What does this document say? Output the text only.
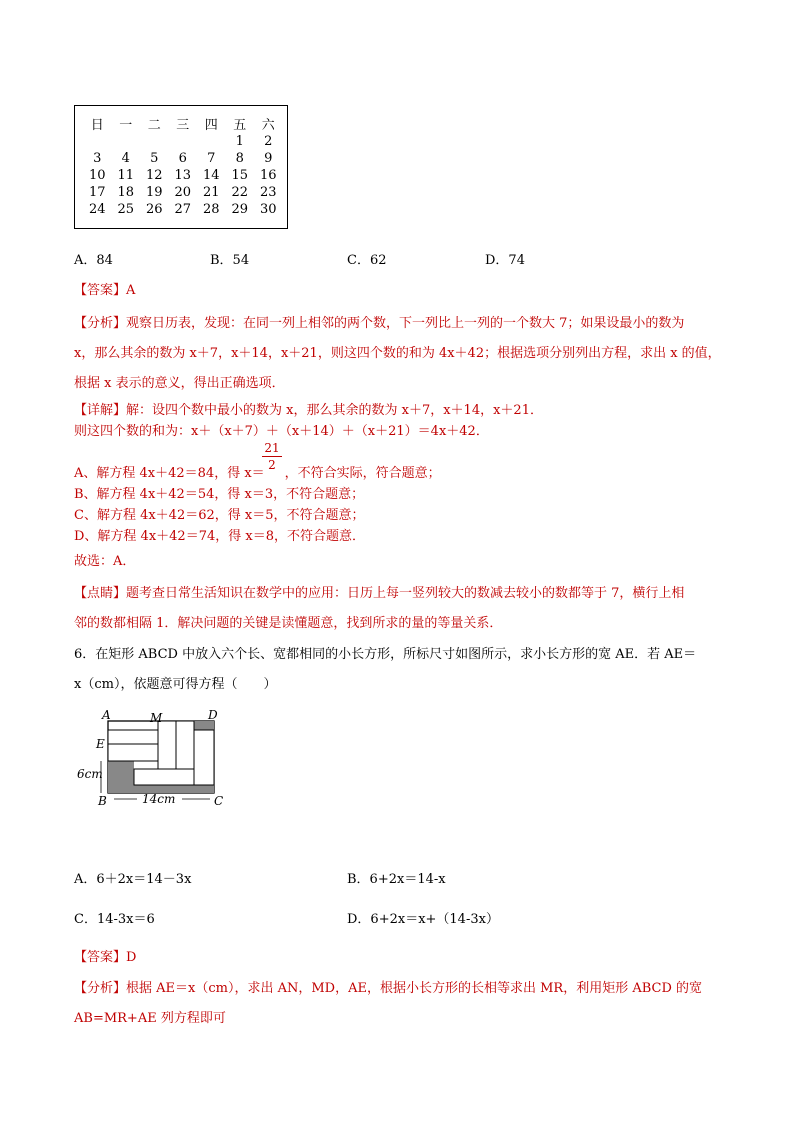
日	一	二	三	四	五	六
					1	2
3	4	5	6	7	8	9
10	11	12	13	14	15	16
17	18	19	20	21	22	23
24	25	26	27	28	29	30
A．84	B．54	C．62	D．74
【答案】A
【分析】观察日历表，发现：在同一列上相邻的两个数，下一列比上一列的一个数大 7；如果设最小的数为
x，那么其余的数为 x＋7，x＋14，x＋21，则这四个数的和为 4x＋42；根据选项分别列出方程，求出 x 的值，
根据 x 表示的意义，得出正确选项．
【详解】解：设四个数中最小的数为 x，那么其余的数为 x＋7，x＋14，x＋21．
则这四个数的和为：x＋（x＋7）＋（x＋14）＋（x＋21）＝4x＋42．
A、解方程 4x＋42＝84，得 x＝ ，不符合实际，符合题意；
$\frac{21}{2}$
B、解方程 4x＋42＝54，得 x＝3，不符合题意；
C、解方程 4x＋42＝62，得 x＝5，不符合题意；
D、解方程 4x＋42＝74，得 x＝8，不符合题意．
故选：A．
【点睛】题考查日常生活知识在数学中的应用：日历上每一竖列较大的数减去较小的数都等于 7，横行上相
邻的数都相隔 1．解决问题的关键是读懂题意，找到所求的量的等量关系．
6．在矩形 ABCD 中放入六个长、宽都相同的小长方形，所标尺寸如图所示，求小长方形的宽 AE．若 AE＝
x（cm），依题意可得方程（　　）
A	M	D
E
6cm
B	14cm	C
A．6＋2x＝14－3x	B．6+2x＝14-x
C．14-3x＝6	D．6+2x＝x+（14-3x）
【答案】D
【分析】根据 AE＝x（cm），求出 AN，MD，AE，根据小长方形的长相等求出 MR，利用矩形 ABCD 的宽
AB=MR+AE 列方程即可
